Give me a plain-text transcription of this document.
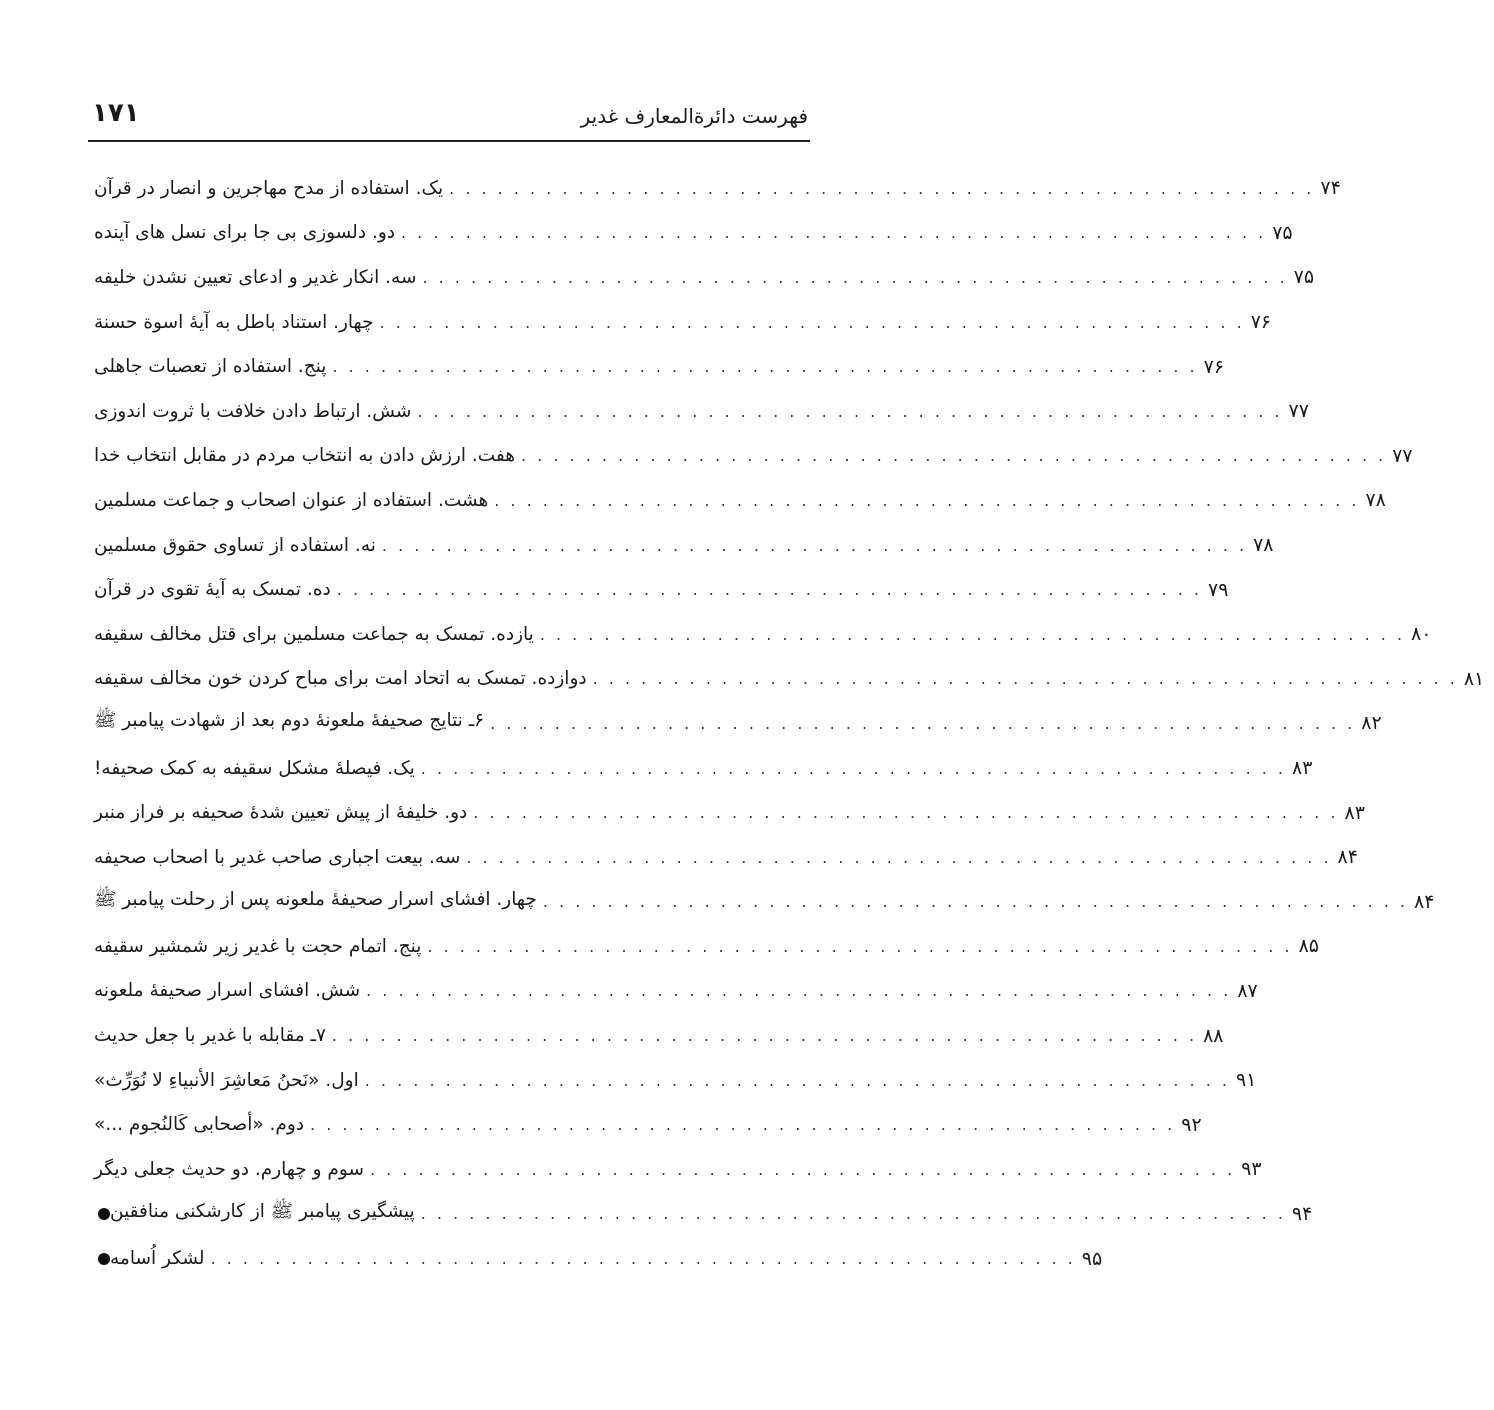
۱۷۱	فهرست دائرةالمعارف غدیر
یک. استفاده از مدح مهاجرین و انصار در قرآن . . . . . . . . . . . . . . . . . . . . . . . . . . . . . . . . . . . . . . . . . . . . . . . . . . . . . . ۷۴
دو. دلسوزی بی جا برای نسل های آینده . . . . . . . . . . . . . . . . . . . . . . . . . . . . . . . . . . . . . . . . . . . . . . . . . . . . . . ۷۵
سه. انکار غدیر و ادعای تعیین نشدن خلیفه . . . . . . . . . . . . . . . . . . . . . . . . . . . . . . . . . . . . . . . . . . . . . . . . . . . . . . ۷۵
چهار. استناد باطل به آیهٔ اسوة حسنة . . . . . . . . . . . . . . . . . . . . . . . . . . . . . . . . . . . . . . . . . . . . . . . . . . . . . . ۷۶
پنج. استفاده از تعصبات جاهلی . . . . . . . . . . . . . . . . . . . . . . . . . . . . . . . . . . . . . . . . . . . . . . . . . . . . . . ۷۶
شش. ارتباط دادن خلافت با ثروت اندوزی . . . . . . . . . . . . . . . . . . . . . . . . . . . . . . . . . . . . . . . . . . . . . . . . . . . . . . ۷۷
هفت. ارزش دادن به انتخاب مردم در مقابل انتخاب خدا . . . . . . . . . . . . . . . . . . . . . . . . . . . . . . . . . . . . . . . . . . . . . . . . . . . . . . ۷۷
هشت. استفاده از عنوان اصحاب و جماعت مسلمین . . . . . . . . . . . . . . . . . . . . . . . . . . . . . . . . . . . . . . . . . . . . . . . . . . . . . . ۷۸
نه. استفاده از تساوی حقوق مسلمین . . . . . . . . . . . . . . . . . . . . . . . . . . . . . . . . . . . . . . . . . . . . . . . . . . . . . . ۷۸
ده. تمسک به آیهٔ تقوی در قرآن . . . . . . . . . . . . . . . . . . . . . . . . . . . . . . . . . . . . . . . . . . . . . . . . . . . . . . ۷۹
یازده. تمسک به جماعت مسلمین برای قتل مخالف سقیفه . . . . . . . . . . . . . . . . . . . . . . . . . . . . . . . . . . . . . . . . . . . . . . . . . . . . . . ۸۰
دوازده. تمسک به اتحاد امت برای مباح کردن خون مخالف سقیفه . . . . . . . . . . . . . . . . . . . . . . . . . . . . . . . . . . . . . . . . . . . . . . . . . . . . . . ۸۱
۶ـ نتایج صحیفهٔ ملعونهٔ دوم بعد از شهادت پیامبر ﷺ . . . . . . . . . . . . . . . . . . . . . . . . . . . . . . . . . . . . . . . . . . . . . . . . . . . . . . ۸۲
یک. فیصلهٔ مشکل سقیفه به کمک صحیفه! . . . . . . . . . . . . . . . . . . . . . . . . . . . . . . . . . . . . . . . . . . . . . . . . . . . . . . ۸۳
دو. خلیفهٔ از پیش تعیین شدهٔ صحیفه بر فراز منبر . . . . . . . . . . . . . . . . . . . . . . . . . . . . . . . . . . . . . . . . . . . . . . . . . . . . . . ۸۳
سه. بیعت اجباری صاحب غدیر با اصحاب صحیفه . . . . . . . . . . . . . . . . . . . . . . . . . . . . . . . . . . . . . . . . . . . . . . . . . . . . . . ۸۴
چهار. افشای اسرار صحیفهٔ ملعونه پس از رحلت پیامبر ﷺ . . . . . . . . . . . . . . . . . . . . . . . . . . . . . . . . . . . . . . . . . . . . . . . . . . . . . . ۸۴
پنج. اتمام حجت با غدیر زیر شمشیر سقیفه . . . . . . . . . . . . . . . . . . . . . . . . . . . . . . . . . . . . . . . . . . . . . . . . . . . . . . ۸۵
شش. افشای اسرار صحیفهٔ ملعونه . . . . . . . . . . . . . . . . . . . . . . . . . . . . . . . . . . . . . . . . . . . . . . . . . . . . . . ۸۷
۷ـ مقابله با غدیر با جعل حدیث . . . . . . . . . . . . . . . . . . . . . . . . . . . . . . . . . . . . . . . . . . . . . . . . . . . . . . ۸۸
اول. «نَحنُ مَعاشِرَ الأنبیاءِ لا نُوَرِّث» . . . . . . . . . . . . . . . . . . . . . . . . . . . . . . . . . . . . . . . . . . . . . . . . . . . . . . ۹۱
دوم. «أصحابی کَالنُجوم ...» . . . . . . . . . . . . . . . . . . . . . . . . . . . . . . . . . . . . . . . . . . . . . . . . . . . . . . ۹۲
سوم و چهارم. دو حدیث جعلی دیگر . . . . . . . . . . . . . . . . . . . . . . . . . . . . . . . . . . . . . . . . . . . . . . . . . . . . . . ۹۳
پیشگیری پیامبر ﷺ از کارشکنی منافقین . . . . . . . . . . . . . . . . . . . . . . . . . . . . . . . . . . . . . . . . . . . . . . . . . . . . . . ۹۴
لشکر اُسامه . . . . . . . . . . . . . . . . . . . . . . . . . . . . . . . . . . . . . . . . . . . . . . . . . . . . . . ۹۵
